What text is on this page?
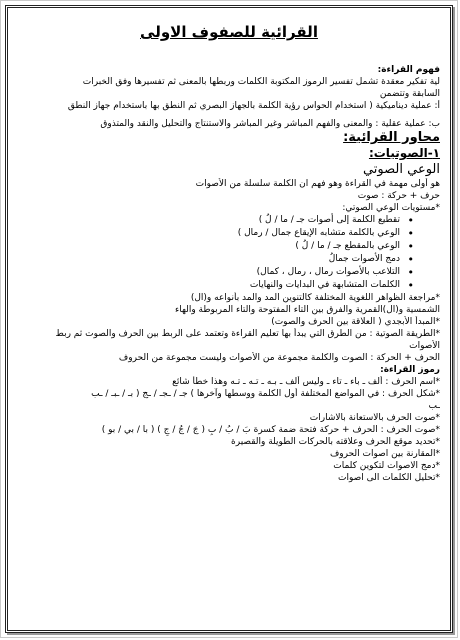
القرائية للصفوف الاولى
فهوم القراءة:
لية تفكير معقدة تشمل تفسير الرموز المكتوبة الكلمات وربطها بالمعنى ثم تفسيرها وفق الخبرات
السابقة وتتضمن
أ: عملية ديناميكية ( استخدام الحواس رؤية الكلمة بالجهاز البصري ثم النطق بها باستخدام جهاز النطق
ب: عملية عقلية : والمعنى والفهم المباشر وغير المباشر والاستنتاج والتحليل والنقد والمتذوق
محاور القرائية:
١-الصوتيات:
الوعي الصوتي
هو أولى مهمة في القراءة وهو فهم ان الكلمة سلسلة من الأصوات
حرف + حركة : صوت
*مستويات الوعي الصوتي:
• تقطيع الكلمة إلى أصوات جـ / ما / لُ )
• الوعي بالكلمة متشابه الإيقاع جمال / رمال )
• الوعي بالمقطع جـ / ما / لُ )
• دمج الأصوات جمالُ
• التلاعب بالأصوات رمال ، رمال ، كمال)
• الكلمات المتشابهة في البدايات والنهايات
*مراجعة الظواهر اللغوية المختلفة كالتنوين المد والمد بأنواعه و(ال)
الشمسية و(ال)القمرية والفرق بين التاء المفتوحة والتاء المربوطة والهاء
*المبدأ الأبجدي ( العلاقة بين الحرف والصوت)
*الطريقة الصوتية : من الطرق التي يبدأ بها تعليم القراءة وتعتمد على الربط بين الحرف والصوت ثم ربط
الأصوات
الحرف + الحركة : الصوت والكلمة مجموعة من الأصوات وليست مجموعة من الحروف
رموز القراءة:
*اسم الحرف : ألف ـ باء ـ تاء ـ وليس ألف ـ بـه ـ تـه ـ تـه وهذا خطأ شائع
*شكل الحرف : في المواضع المختلفة أول الكلمة ووسطها وآخرها ) جـ / ـجـ / ـج ( بـ / ـبـ / ـب
ـب
*صوت الحرف بالاستعانة بالاشارات
*صوت الحرف : الحرف + حركة فتحة ضمة كسرة بَ / بُ / بِ ( جَ / جُ / جِ ) ( با / بي / بو )
*تحديد موقع الحرف وعلاقته بالحركات الطويلة والقصيرة
*المقارنة بين اصوات الحروف
*دمج الاصوات لتكوين كلمات
*تحليل الكلمات الى اصوات
